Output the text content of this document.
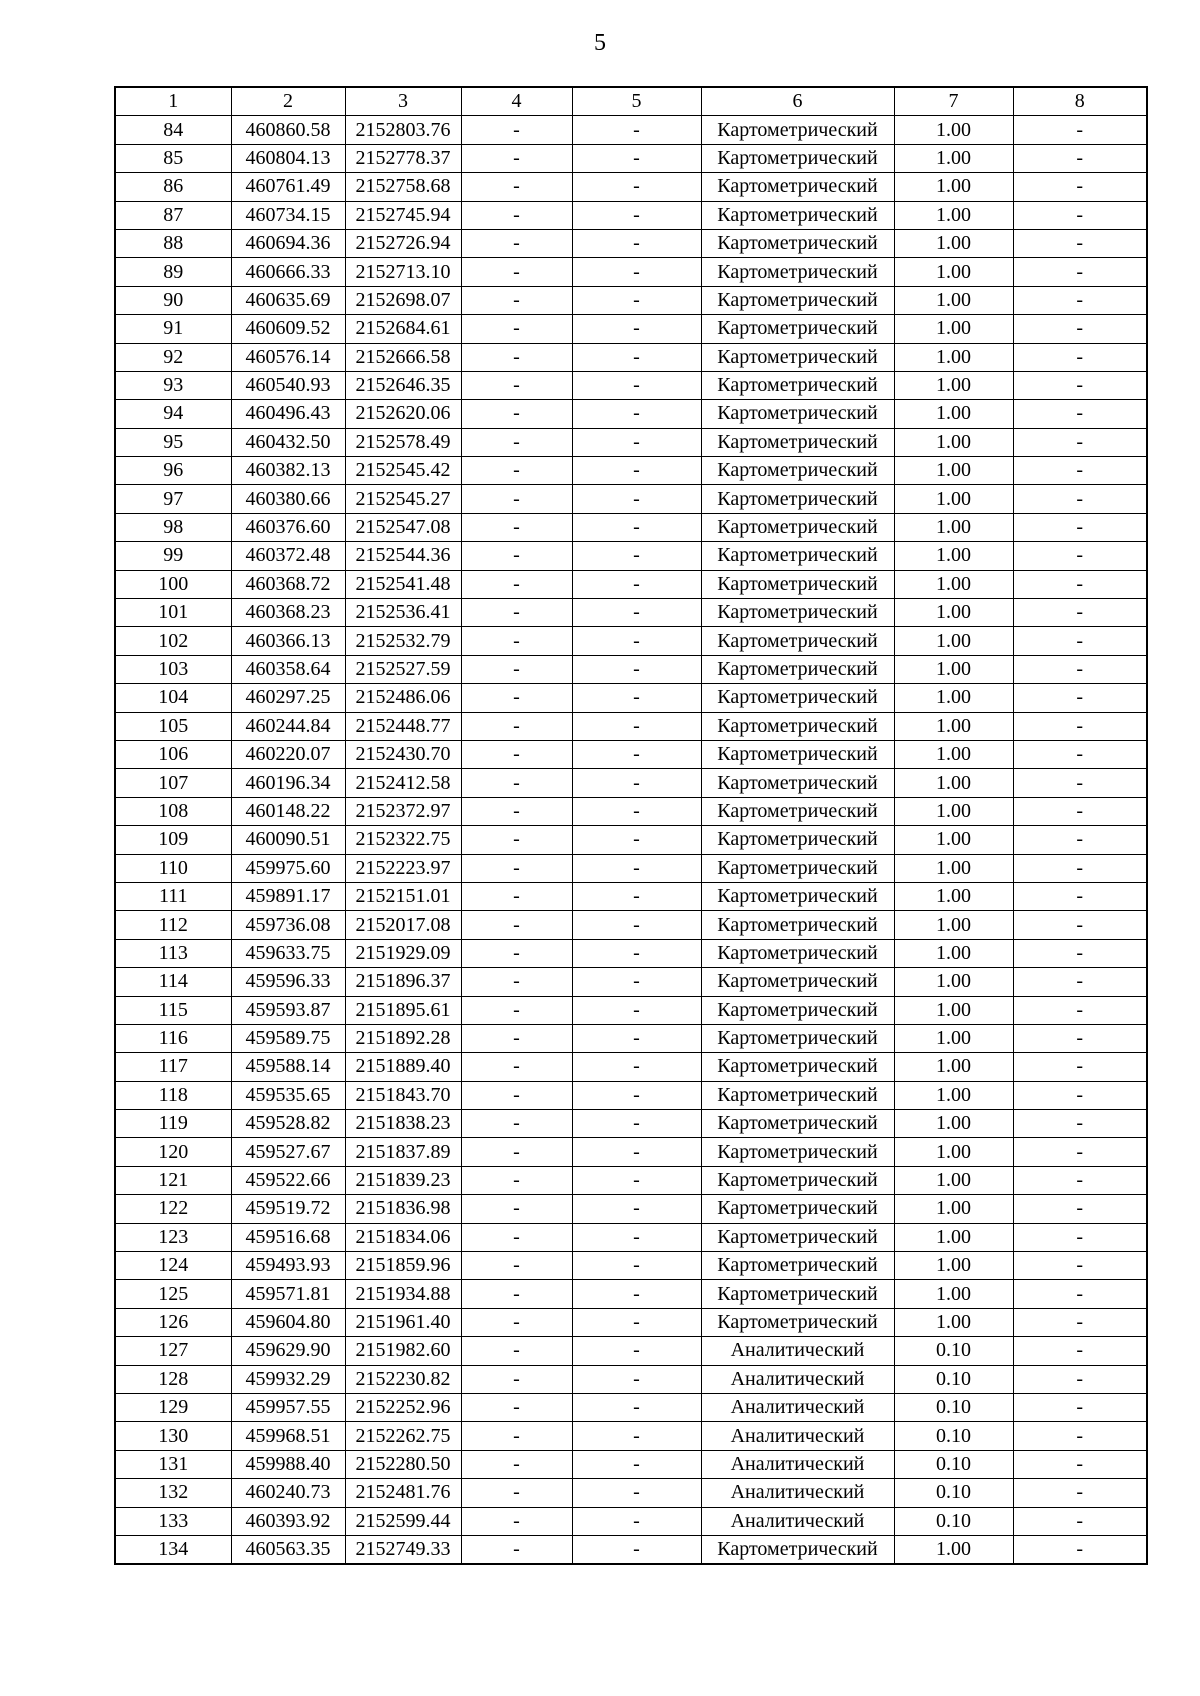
5
1	2	3	4	5	6	7	8
84	460860.58	2152803.76	-	-	Картометрический	1.00	-
85	460804.13	2152778.37	-	-	Картометрический	1.00	-
86	460761.49	2152758.68	-	-	Картометрический	1.00	-
87	460734.15	2152745.94	-	-	Картометрический	1.00	-
88	460694.36	2152726.94	-	-	Картометрический	1.00	-
89	460666.33	2152713.10	-	-	Картометрический	1.00	-
90	460635.69	2152698.07	-	-	Картометрический	1.00	-
91	460609.52	2152684.61	-	-	Картометрический	1.00	-
92	460576.14	2152666.58	-	-	Картометрический	1.00	-
93	460540.93	2152646.35	-	-	Картометрический	1.00	-
94	460496.43	2152620.06	-	-	Картометрический	1.00	-
95	460432.50	2152578.49	-	-	Картометрический	1.00	-
96	460382.13	2152545.42	-	-	Картометрический	1.00	-
97	460380.66	2152545.27	-	-	Картометрический	1.00	-
98	460376.60	2152547.08	-	-	Картометрический	1.00	-
99	460372.48	2152544.36	-	-	Картометрический	1.00	-
100	460368.72	2152541.48	-	-	Картометрический	1.00	-
101	460368.23	2152536.41	-	-	Картометрический	1.00	-
102	460366.13	2152532.79	-	-	Картометрический	1.00	-
103	460358.64	2152527.59	-	-	Картометрический	1.00	-
104	460297.25	2152486.06	-	-	Картометрический	1.00	-
105	460244.84	2152448.77	-	-	Картометрический	1.00	-
106	460220.07	2152430.70	-	-	Картометрический	1.00	-
107	460196.34	2152412.58	-	-	Картометрический	1.00	-
108	460148.22	2152372.97	-	-	Картометрический	1.00	-
109	460090.51	2152322.75	-	-	Картометрический	1.00	-
110	459975.60	2152223.97	-	-	Картометрический	1.00	-
111	459891.17	2152151.01	-	-	Картометрический	1.00	-
112	459736.08	2152017.08	-	-	Картометрический	1.00	-
113	459633.75	2151929.09	-	-	Картометрический	1.00	-
114	459596.33	2151896.37	-	-	Картометрический	1.00	-
115	459593.87	2151895.61	-	-	Картометрический	1.00	-
116	459589.75	2151892.28	-	-	Картометрический	1.00	-
117	459588.14	2151889.40	-	-	Картометрический	1.00	-
118	459535.65	2151843.70	-	-	Картометрический	1.00	-
119	459528.82	2151838.23	-	-	Картометрический	1.00	-
120	459527.67	2151837.89	-	-	Картометрический	1.00	-
121	459522.66	2151839.23	-	-	Картометрический	1.00	-
122	459519.72	2151836.98	-	-	Картометрический	1.00	-
123	459516.68	2151834.06	-	-	Картометрический	1.00	-
124	459493.93	2151859.96	-	-	Картометрический	1.00	-
125	459571.81	2151934.88	-	-	Картометрический	1.00	-
126	459604.80	2151961.40	-	-	Картометрический	1.00	-
127	459629.90	2151982.60	-	-	Аналитический	0.10	-
128	459932.29	2152230.82	-	-	Аналитический	0.10	-
129	459957.55	2152252.96	-	-	Аналитический	0.10	-
130	459968.51	2152262.75	-	-	Аналитический	0.10	-
131	459988.40	2152280.50	-	-	Аналитический	0.10	-
132	460240.73	2152481.76	-	-	Аналитический	0.10	-
133	460393.92	2152599.44	-	-	Аналитический	0.10	-
134	460563.35	2152749.33	-	-	Картометрический	1.00	-
